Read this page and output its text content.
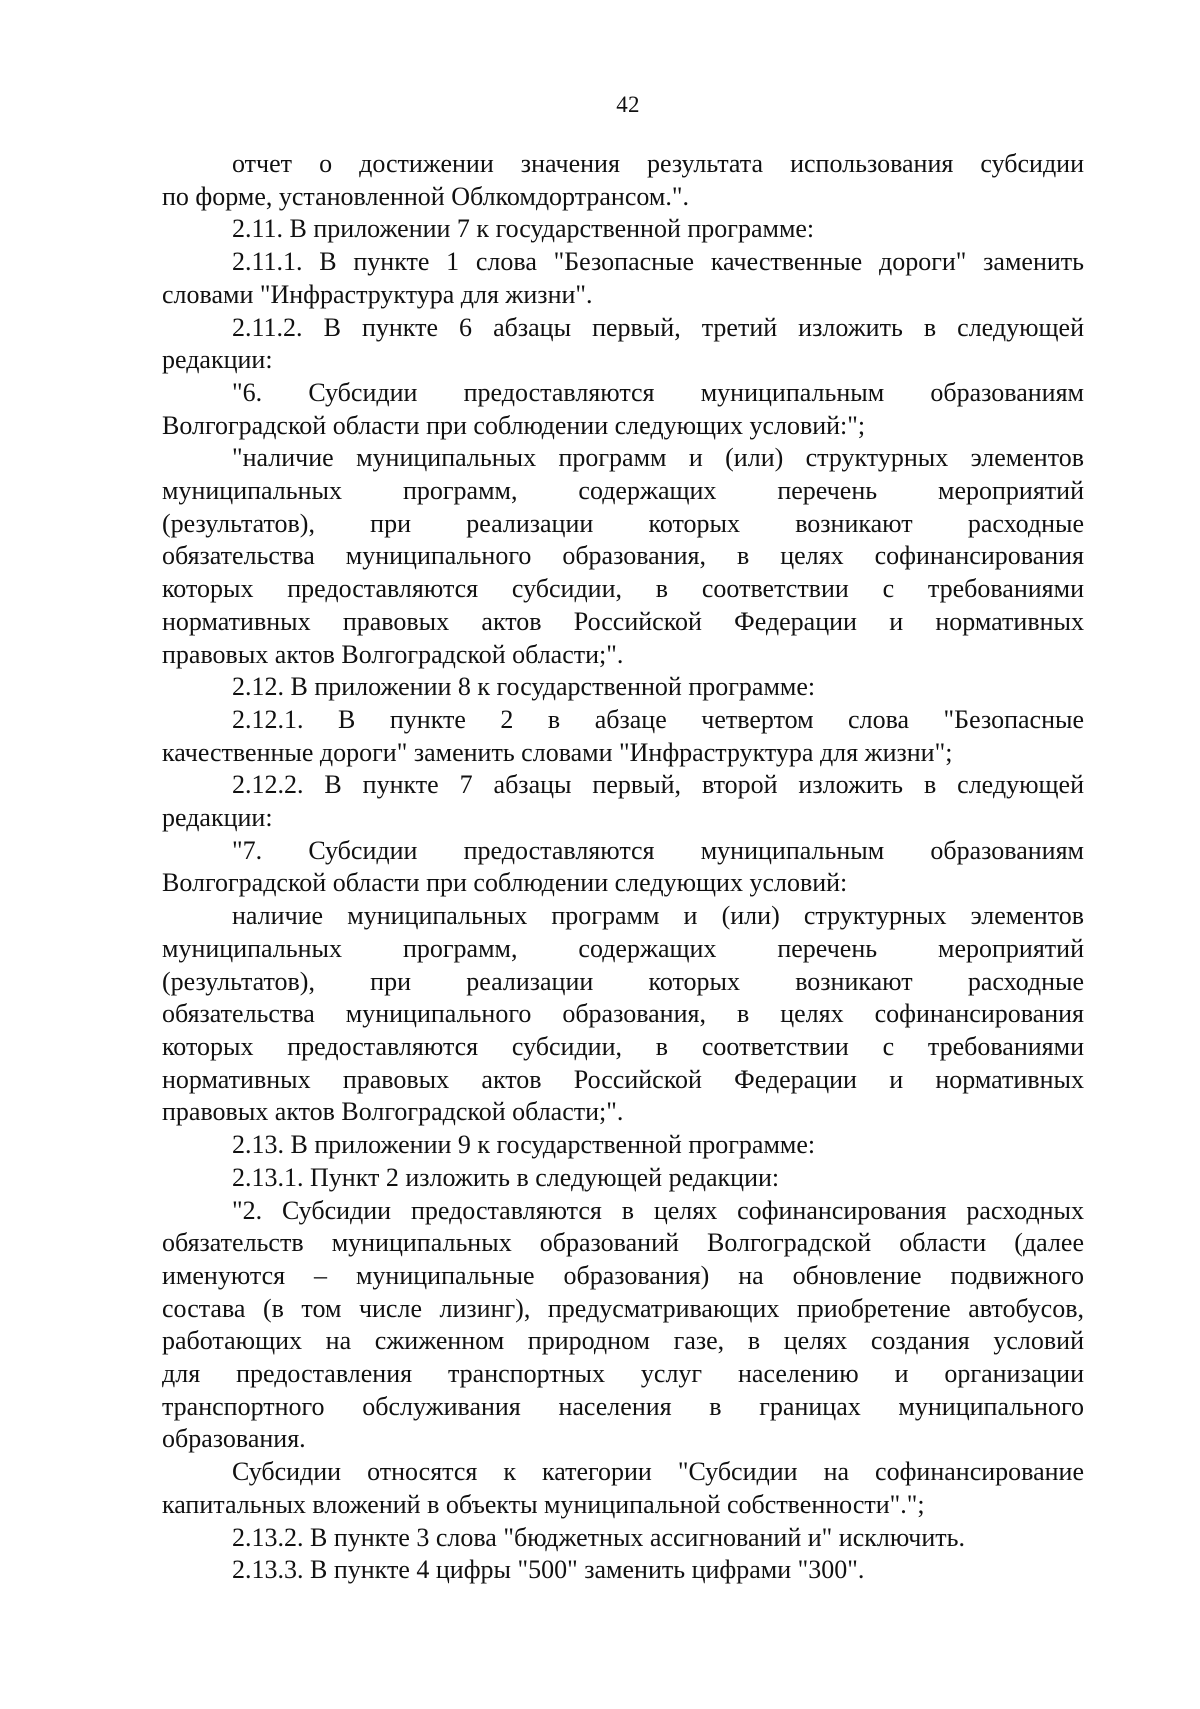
42
отчет о достижении значения результата использования субсидии
по форме, установленной Облкомдортрансом.".
2.11. В приложении 7 к государственной программе:
2.11.1. В пункте 1 слова "Безопасные качественные дороги" заменить
словами "Инфраструктура для жизни".
2.11.2. В пункте 6 абзацы первый, третий изложить в следующей
редакции:
"6. Субсидии предоставляются муниципальным образованиям
Волгоградской области при соблюдении следующих условий:";
"наличие муниципальных программ и (или) структурных элементов
муниципальных программ, содержащих перечень мероприятий
(результатов), при реализации которых возникают расходные
обязательства муниципального образования, в целях софинансирования
которых предоставляются субсидии, в соответствии с требованиями
нормативных правовых актов Российской Федерации и нормативных
правовых актов Волгоградской области;".
2.12. В приложении 8 к государственной программе:
2.12.1. В пункте 2 в абзаце четвертом слова "Безопасные
качественные дороги" заменить словами "Инфраструктура для жизни";
2.12.2. В пункте 7 абзацы первый, второй изложить в следующей
редакции:
"7. Субсидии предоставляются муниципальным образованиям
Волгоградской области при соблюдении следующих условий:
наличие муниципальных программ и (или) структурных элементов
муниципальных программ, содержащих перечень мероприятий
(результатов), при реализации которых возникают расходные
обязательства муниципального образования, в целях софинансирования
которых предоставляются субсидии, в соответствии с требованиями
нормативных правовых актов Российской Федерации и нормативных
правовых актов Волгоградской области;".
2.13. В приложении 9 к государственной программе:
2.13.1. Пункт 2 изложить в следующей редакции:
"2. Субсидии предоставляются в целях софинансирования расходных
обязательств муниципальных образований Волгоградской области (далее
именуются – муниципальные образования) на обновление подвижного
состава (в том числе лизинг), предусматривающих приобретение автобусов,
работающих на сжиженном природном газе, в целях создания условий
для предоставления транспортных услуг населению и организации
транспортного обслуживания населения в границах муниципального
образования.
Субсидии относятся к категории "Субсидии на софинансирование
капитальных вложений в объекты муниципальной собственности".";
2.13.2. В пункте 3 слова "бюджетных ассигнований и" исключить.
2.13.3. В пункте 4 цифры "500" заменить цифрами "300".
